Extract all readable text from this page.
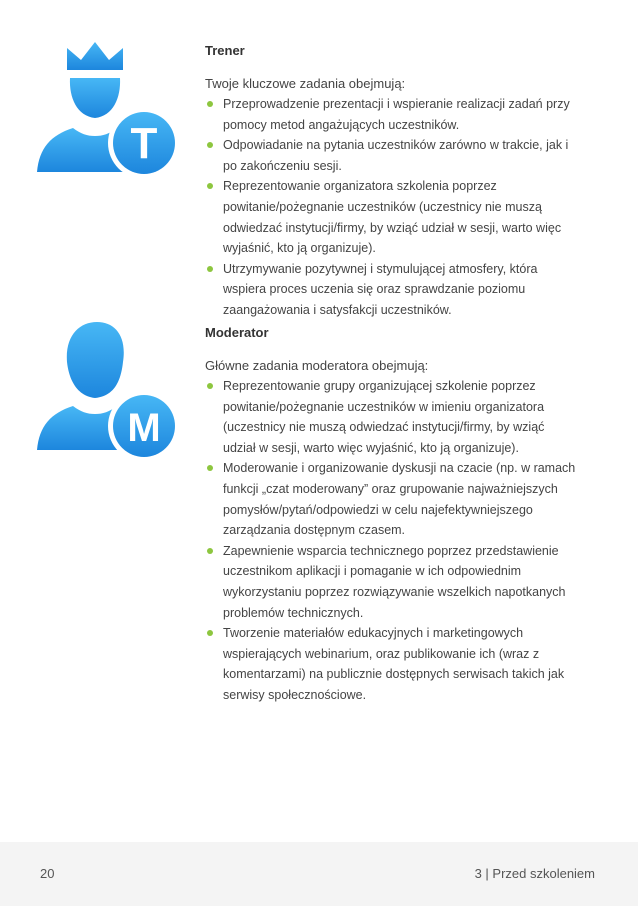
T
M
Trener

Twoje kluczowe zadania obejmują:

Przeprowadzenie prezentacji i wspieranie realizacji zadań przy pomocy metod angażujących uczestników.
Odpowiadanie na pytania uczestników zarówno w trakcie, jak i po zakończeniu sesji.
Reprezentowanie organizatora szkolenia poprzez powitanie/pożegnanie uczestników (uczestnicy nie muszą odwiedzać instytucji/firmy, by wziąć udział w sesji, warto więc wyjaśnić, kto ją organizuje).
Utrzymywanie pozytywnej i stymulującej atmosfery, która wspiera proces uczenia się oraz sprawdzanie poziomu zaangażowania i satysfakcji uczestników.
Moderator

Główne zadania moderatora obejmują:

Reprezentowanie grupy organizującej szkolenie poprzez powitanie/pożegnanie uczestników w imieniu organizatora (uczestnicy nie muszą odwiedzać instytucji/firmy, by wziąć udział w sesji, warto więc wyjaśnić, kto ją organizuje).
Moderowanie i organizowanie dyskusji na czacie (np. w ramach funkcji „czat moderowany” oraz grupowanie najważniejszych pomysłów/pytań/odpowiedzi w celu najefektywniejszego zarządzania dostępnym czasem.
Zapewnienie wsparcia technicznego poprzez przedstawienie uczestnikom aplikacji i pomaganie w ich odpowiednim wykorzystaniu poprzez rozwiązywanie wszelkich napotkanych problemów technicznych.
Tworzenie materiałów edukacyjnych i marketingowych wspierających webinarium, oraz publikowanie ich (wraz z komentarzami) na publicznie dostępnych serwisach takich jak serwisy społecznościowe.
20	3 | Przed szkoleniem
